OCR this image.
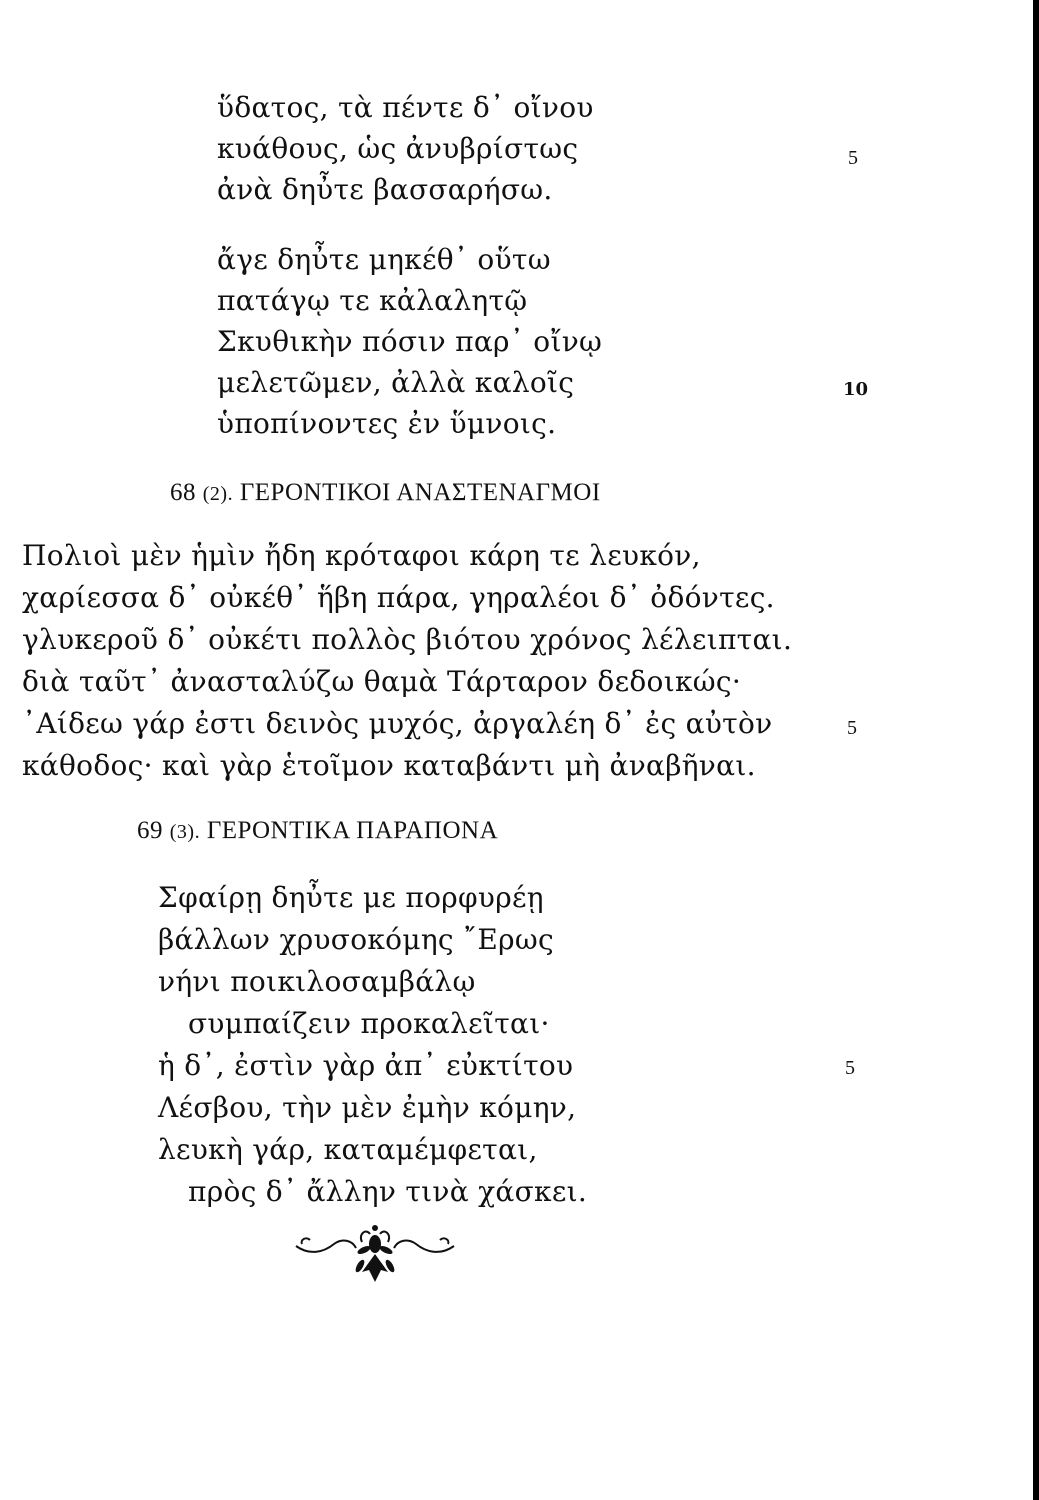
ὕδατος, τὰ πέντε δ᾽ οἴνου
κυάθους, ὡς ἀνυβρίστως	5
ἀνὰ δηὖτε βασσαρήσω.
ἄγε δηὖτε μηκέθ᾽ οὕτω
πατάγῳ τε κἀλαλητῷ
Σκυθικὴν πόσιν παρ᾽ οἴνῳ
μελετῶμεν, ἀλλὰ καλοῖς	10
ὑποπίνοντες ἐν ὕμνοις.
68 (2). ΓΕΡΟΝΤΙΚΟΙ ΑΝΑΣΤΕΝΑΓΜΟΙ
Πολιοὶ μὲν ἡμὶν ἤδη κρόταφοι κάρη τε λευκόν,
χαρίεσσα δ᾽ οὐκέθ᾽ ἥβη πάρα, γηραλέοι δ᾽ ὀδόντες.
γλυκεροῦ δ᾽ οὐκέτι πολλὸς βιότου χρόνος λέλειπται.
διὰ ταῦτ᾽ ἀνασταλύζω θαμὰ Τάρταρον δεδοικώς·
᾿Αίδεω γάρ ἐστι δεινὸς μυχός, ἀργαλέη δ᾽ ἐς αὐτὸν	5
κάθοδος· καὶ γὰρ ἑτοῖμον καταβάντι μὴ ἀναβῆναι.
69 (3). ΓΕΡΟΝΤΙΚΑ ΠΑΡΑΠΟΝΑ
Σφαίρῃ δηὖτε με πορφυρέῃ
βάλλων χρυσοκόμης ῎Ερως
νήνι ποικιλοσαμβάλῳ
συμπαίζειν προκαλεῖται·
ἡ δ᾽, ἐστὶν γὰρ ἀπ᾽ εὐκτίτου	5
Λέσβου, τὴν μὲν ἐμὴν κόμην,
λευκὴ γάρ, καταμέμφεται,
πρὸς δ᾽ ἄλλην τινὰ χάσκει.
